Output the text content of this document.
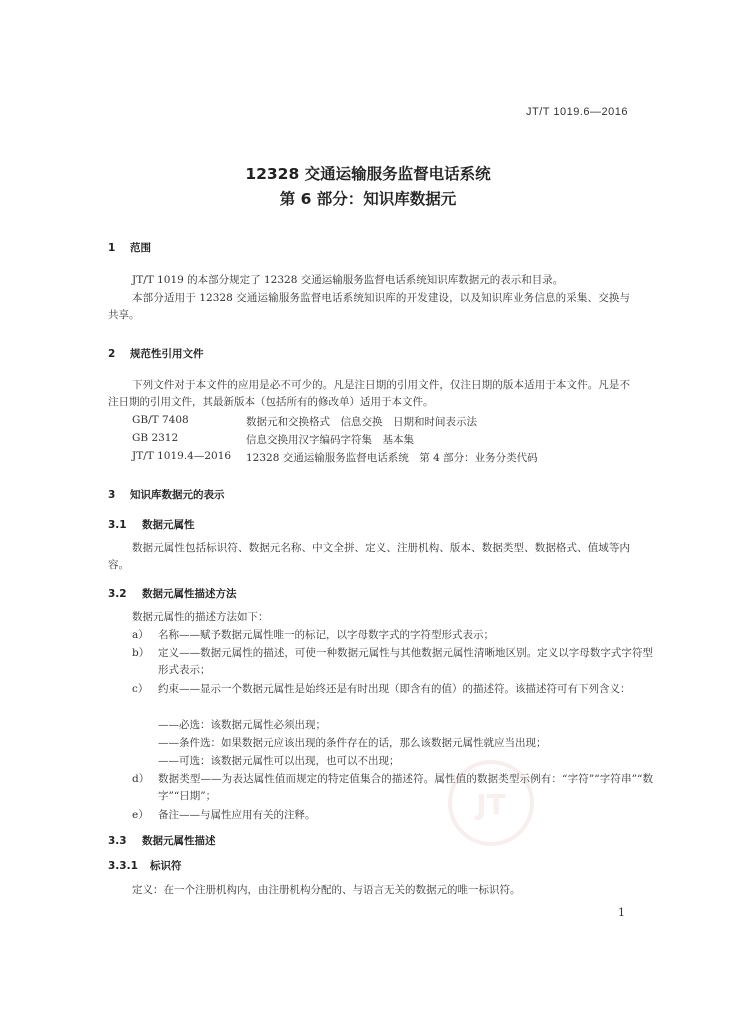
JT/T 1019.6—2016
12328 交通运输服务监督电话系统
第 6 部分：知识库数据元
1 范围
JT/T 1019 的本部分规定了 12328 交通运输服务监督电话系统知识库数据元的表示和目录。
本部分适用于 12328 交通运输服务监督电话系统知识库的开发建设，以及知识库业务信息的采集、交换与共享。
2 规范性引用文件
下列文件对于本文件的应用是必不可少的。凡是注日期的引用文件，仅注日期的版本适用于本文件。凡是不注日期的引用文件，其最新版本（包括所有的修改单）适用于本文件。
GB/T 7408	数据元和交换格式　信息交换　日期和时间表示法
GB 2312	信息交换用汉字编码字符集　基本集
JT/T 1019.4—2016 12328 交通运输服务监督电话系统　第 4 部分：业务分类代码
3 知识库数据元的表示
3.1 数据元属性
数据元属性包括标识符、数据元名称、中文全拼、定义、注册机构、版本、数据类型、数据格式、值域等内容。
3.2 数据元属性描述方法
数据元属性的描述方法如下：
a） 名称——赋予数据元属性唯一的标记，以字母数字式的字符型形式表示；
b） 定义——数据元属性的描述，可使一种数据元属性与其他数据元属性清晰地区别。定义以字母数字式字符型形式表示；
c） 约束——显示一个数据元属性是始终还是有时出现（即含有的值）的描述符。该描述符可有下列含义：
——必选：该数据元属性必须出现；
——条件选：如果数据元应该出现的条件存在的话，那么该数据元属性就应当出现；
——可选：该数据元属性可以出现，也可以不出现；
d） 数据类型——为表达属性值而规定的特定值集合的描述符。属性值的数据类型示例有：“字符”“字符串”“数字”“日期”；
e） 备注——与属性应用有关的注释。
3.3 数据元属性描述
3.3.1 标识符
定义：在一个注册机构内，由注册机构分配的、与语言无关的数据元的唯一标识符。
JT
1
